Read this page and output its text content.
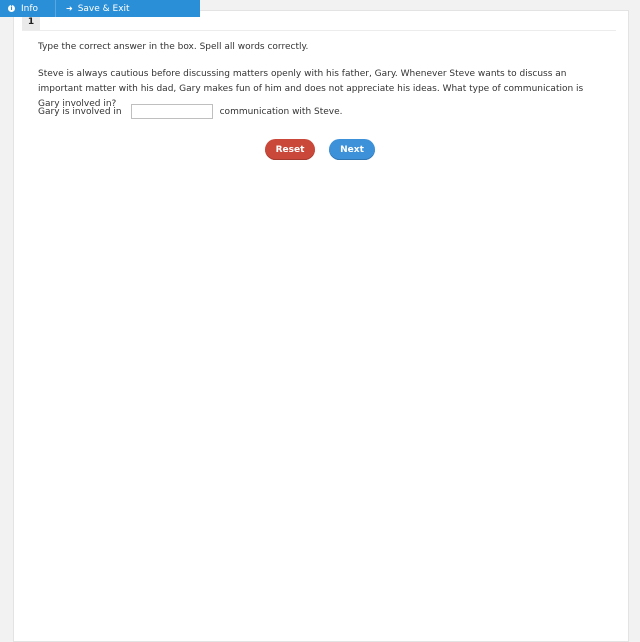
i Info	➜ Save & Exit
1
Type the correct answer in the box. Spell all words correctly.
Steve is always cautious before discussing matters openly with his father, Gary. Whenever Steve wants to discuss an important matter with his dad, Gary makes fun of him and does not appreciate his ideas. What type of communication is Gary involved in?
Gary is involved in	communication with Steve.
Reset	Next
